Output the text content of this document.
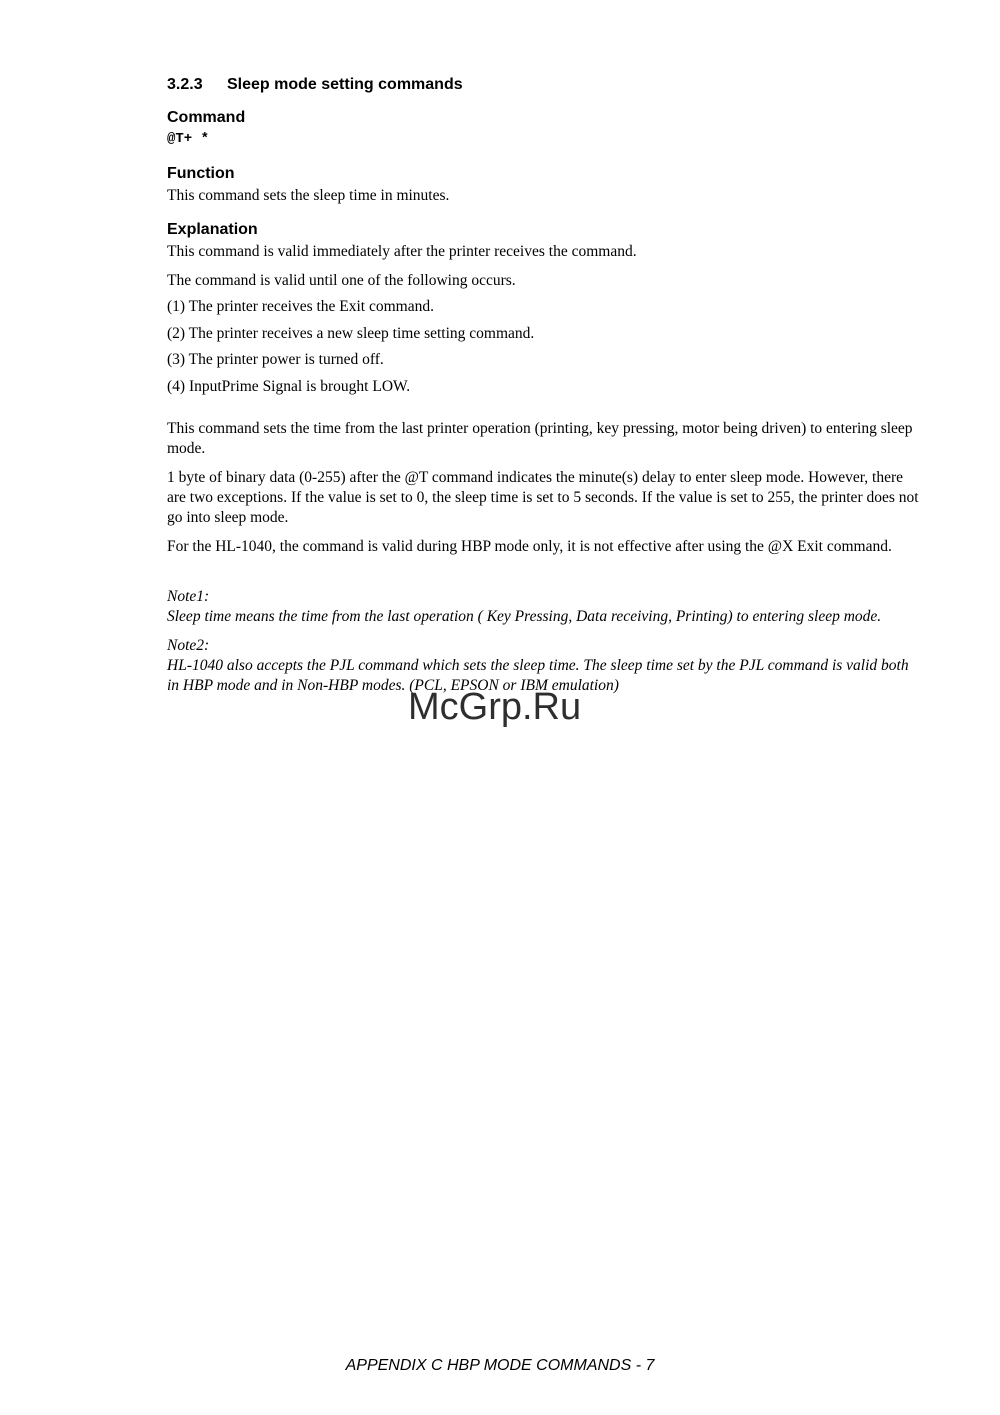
3.2.3	Sleep mode setting commands
Command
@T+ *
Function
This command sets the sleep time in minutes.
Explanation
This command is valid immediately after the printer receives the command.
The command is valid until one of the following occurs.
(1) The printer receives the Exit command.
(2) The printer receives a new sleep time setting command.
(3) The printer power is turned off.
(4) InputPrime Signal is brought LOW.
This command sets the time from the last printer operation (printing, key pressing, motor being driven) to entering sleep mode.
1 byte of binary data (0-255) after the @T command indicates the minute(s) delay to enter sleep mode. However, there are two exceptions. If the value is set to 0, the sleep time is set to 5 seconds. If the value is set to 255, the printer does not go into sleep mode.
For the HL-1040, the command is valid during HBP mode only, it is not effective after using the @X Exit command.
Note1:
Sleep time means the time from the last operation ( Key Pressing, Data receiving, Printing) to entering sleep mode.
Note2:
HL-1040 also accepts the PJL command which sets the sleep time. The sleep time set by the PJL command is valid both in HBP mode and in Non-HBP modes. (PCL, EPSON or IBM emulation)
McGrp.Ru
APPENDIX C HBP MODE COMMANDS - 7
